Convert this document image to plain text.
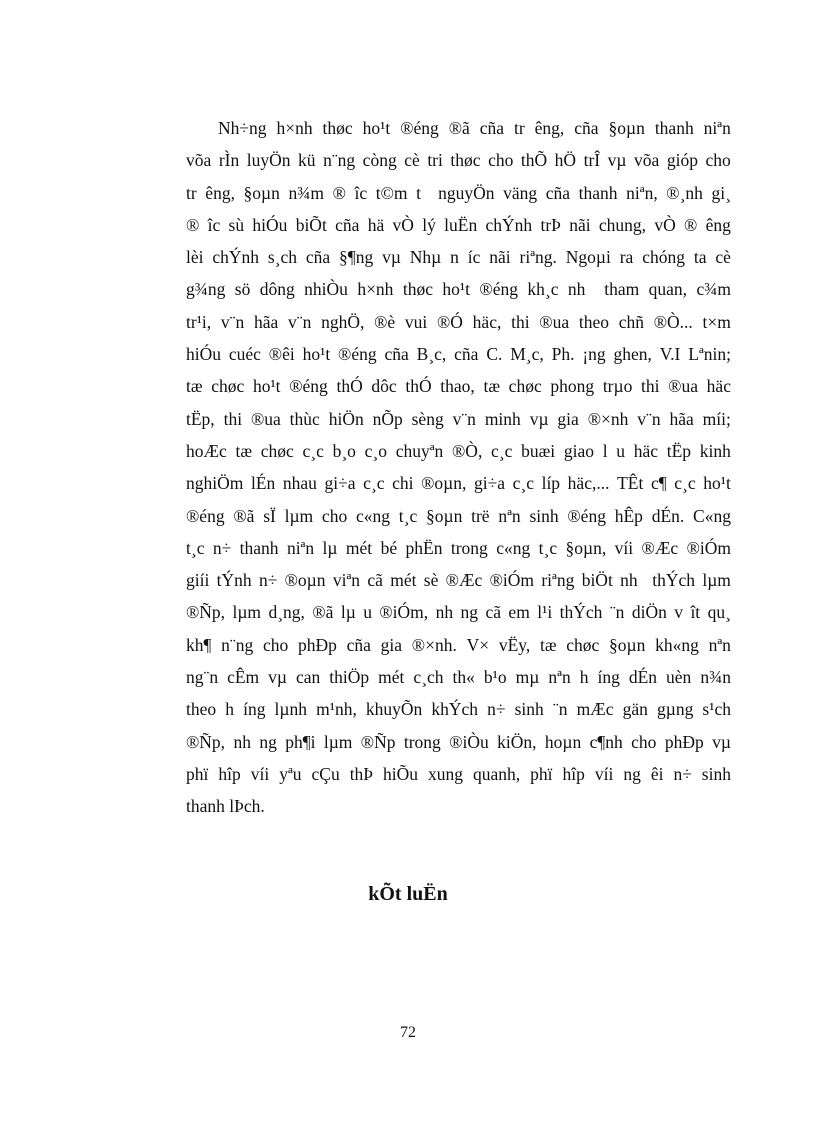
Nh÷ng h×nh thøc ho¹t ®éng ®ã cña tr êng, cña §oµn thanh niªn
võa rÌn luyÖn kü n¨ng còng cè tri thøc cho thÕ hÖ trÎ vµ võa gióp cho
tr êng, §oµn n¾m ® îc t©m t nguyÖn väng cña thanh niªn, ®¸nh gi¸
® îc sù hiÓu biÕt cña hä vÒ lý luËn chÝnh trÞ nãi chung, vÒ ® êng
lèi chÝnh s¸ch cña §¶ng vµ Nhµ n íc nãi riªng. Ngoµi ra chóng ta cè
g¾ng sö dông nhiÒu h×nh thøc ho¹t ®éng kh¸c nh tham quan, c¾m
tr¹i, v¨n hãa v¨n nghÖ, ®è vui ®Ó häc, thi ®ua theo chñ ®Ò... t×m
hiÓu cuéc ®êi ho¹t ®éng cña B¸c, cña C. M¸c, Ph. ¡ng ghen, V.I Lªnin;
tæ chøc ho¹t ®éng thÓ dôc thÓ thao, tæ chøc phong trµo thi ®ua häc
tËp, thi ®ua thùc hiÖn nÕp sèng v¨n minh vµ gia ®×nh v¨n hãa míi;
hoÆc tæ chøc c¸c b¸o c¸o chuyªn ®Ò, c¸c buæi giao l u häc tËp kinh
nghiÖm lÉn nhau gi÷a c¸c chi ®oµn, gi÷a c¸c líp häc,... TÊt c¶ c¸c ho¹t
®éng ®ã sÏ lµm cho c«ng t¸c §oµn trë nªn sinh ®éng hÊp dÉn. C«ng
t¸c n÷ thanh niªn lµ mét bé phËn trong c«ng t¸c §oµn, víi ®Æc ®iÓm
giíi tÝnh n÷ ®oµn viªn cã mét sè ®Æc ®iÓm riªng biÖt nh thÝch lµm
®Ñp, lµm d¸ng, ®ã lµ u ®iÓm, nh ng cã em l¹i thÝch ¨n diÖn v ît qu¸
kh¶ n¨ng cho phÐp cña gia ®×nh. V× vËy, tæ chøc §oµn kh«ng nªn
ng¨n cÊm vµ can thiÖp mét c¸ch th« b¹o mµ nªn h íng dÉn uèn n¾n
theo h íng lµnh m¹nh, khuyÕn khÝch n÷ sinh ¨n mÆc gän gµng s¹ch
®Ñp, nh ng ph¶i lµm ®Ñp trong ®iÒu kiÖn, hoµn c¶nh cho phÐp vµ
phï hîp víi yªu cÇu thÞ hiÕu xung quanh, phï hîp víi ng êi n÷ sinh
thanh lÞch.
kÕt luËn
72
